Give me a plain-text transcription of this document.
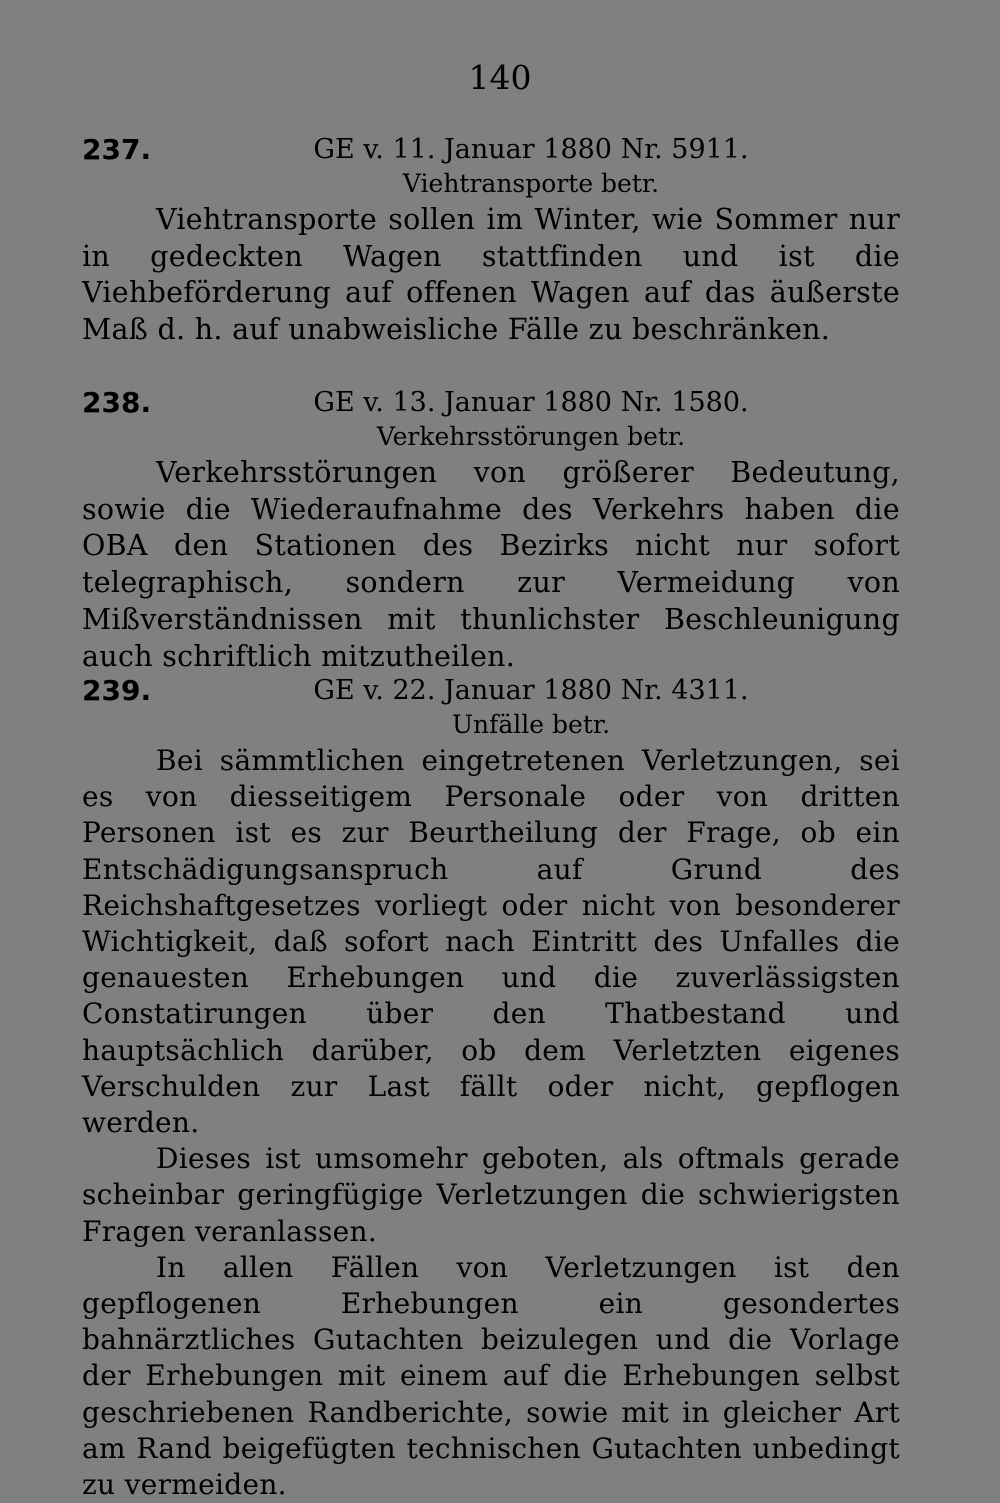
140
237.	GE v. 11. Januar 1880 Nr. 5911.
Viehtransporte betr.

Viehtransporte sollen im Winter, wie Sommer nur in gedeckten Wagen stattfinden und ist die Viehbeförderung auf offenen Wagen auf das äußerste Maß d. h. auf unabweisliche Fälle zu beschränken.

238.	GE v. 13. Januar 1880 Nr. 1580.
Verkehrsstörungen betr.

Verkehrsstörungen von größerer Bedeutung, sowie die Wiederaufnahme des Verkehrs haben die OBA den Stationen des Bezirks nicht nur sofort telegraphisch, sondern zur Vermeidung von Mißverständnissen mit thunlichster Beschleunigung auch schriftlich mitzutheilen.

239.	GE v. 22. Januar 1880 Nr. 4311.
Unfälle betr.

Bei sämmtlichen eingetretenen Verletzungen, sei es von diesseitigem Personale oder von dritten Personen ist es zur Beurtheilung der Frage, ob ein Entschädigungsanspruch auf Grund des Reichshaftgesetzes vorliegt oder nicht von besonderer Wichtigkeit, daß sofort nach Eintritt des Unfalles die genauesten Erhebungen und die zuverlässigsten Constatirungen über den Thatbestand und hauptsächlich darüber, ob dem Verletzten eigenes Verschulden zur Last fällt oder nicht, gepflogen werden.

Dieses ist umsomehr geboten, als oftmals gerade scheinbar geringfügige Verletzungen die schwierigsten Fragen veranlassen.

In allen Fällen von Verletzungen ist den gepflogenen Erhebungen ein gesondertes bahnärztliches Gutachten beizulegen und die Vorlage der Erhebungen mit einem auf die Erhebungen selbst geschriebenen Randberichte, sowie mit in gleicher Art am Rand beigefügten technischen Gutachten unbedingt zu vermeiden.
